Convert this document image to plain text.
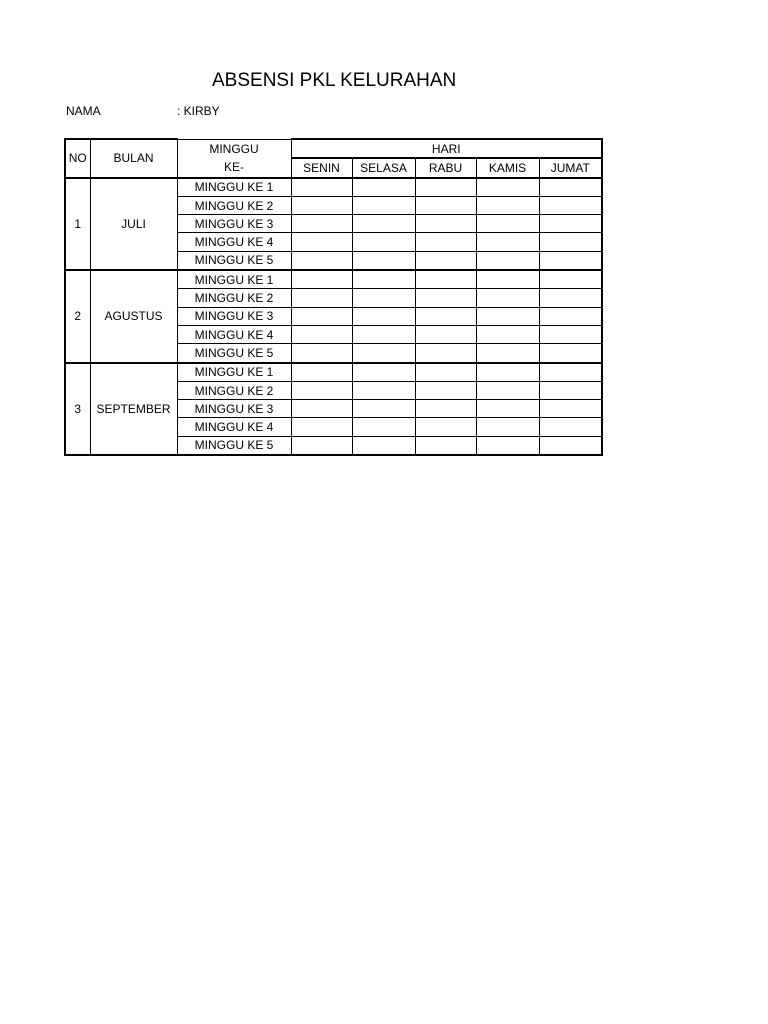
ABSENSI PKL KELURAHAN
NAMA	: KIRBY
NO	BULAN	MINGGU	HARI				
		KE-	SENIN	SELASA	RABU	KAMIS	JUMAT
1	JULI	MINGGU KE 1					
		MINGGU KE 2					
		MINGGU KE 3					
		MINGGU KE 4					
		MINGGU KE 5					
2	AGUSTUS	MINGGU KE 1					
		MINGGU KE 2					
		MINGGU KE 3					
		MINGGU KE 4					
		MINGGU KE 5					
3	SEPTEMBER	MINGGU KE 1					
		MINGGU KE 2					
		MINGGU KE 3					
		MINGGU KE 4					
		MINGGU KE 5					
